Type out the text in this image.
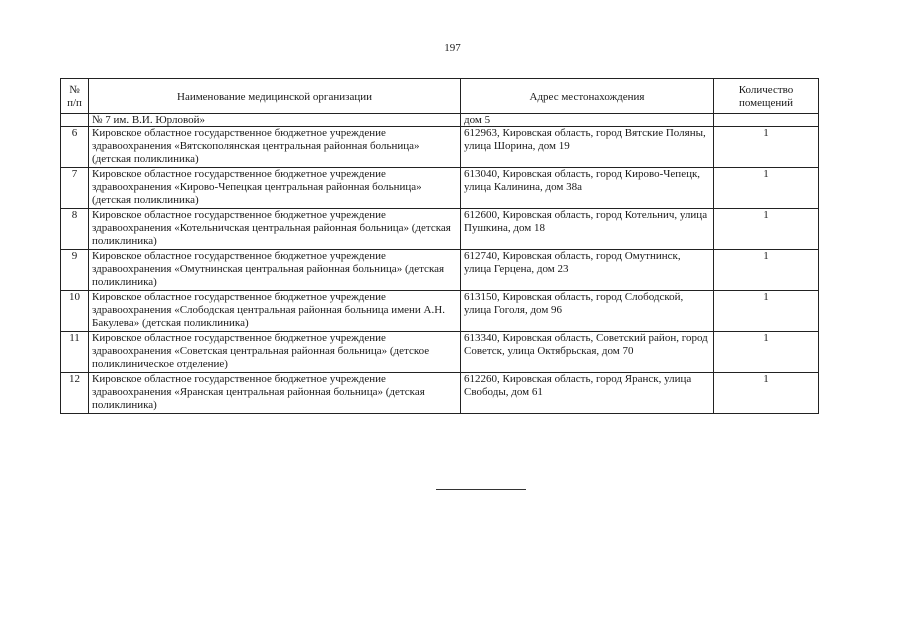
197
№ п/п	Наименование медицинской организации	Адрес местонахождения	Количество помещений
	№ 7 им. В.И. Юрловой»	дом 5	
6	Кировское областное государственное бюджетное учреждение здравоохранения «Вятскополянская центральная районная больница» (детская поликлиника)	612963, Кировская область, город Вятские Поляны, улица Шорина, дом 19	1
7	Кировское областное государственное бюджетное учреждение здравоохранения «Кирово-Чепецкая центральная районная больница» (детская поликлиника)	613040, Кировская область, город Кирово-Чепецк, улица Калинина, дом 38а	1
8	Кировское областное государственное бюджетное учреждение здравоохранения «Котельничская центральная районная больница» (детская поликлиника)	612600, Кировская область, город Котельнич, улица Пушкина, дом 18	1
9	Кировское областное государственное бюджетное учреждение здравоохранения «Омутнинская центральная районная больница» (детская поликлиника)	612740, Кировская область, город Омутнинск, улица Герцена, дом 23	1
10	Кировское областное государственное бюджетное учреждение здравоохранения «Слободская центральная районная больница имени А.Н. Бакулева» (детская поликлиника)	613150, Кировская область, город Слободской, улица Гоголя, дом 96	1
11	Кировское областное государственное бюджетное учреждение здравоохранения «Советская центральная районная больница» (детское поликлиническое отделение)	613340, Кировская область, Советский район, город Советск, улица Октябрьская, дом 70	1
12	Кировское областное государственное бюджетное учреждение здравоохранения «Яранская центральная районная больница» (детская поликлиника)	612260, Кировская область, город Яранск, улица Свободы, дом 61	1
